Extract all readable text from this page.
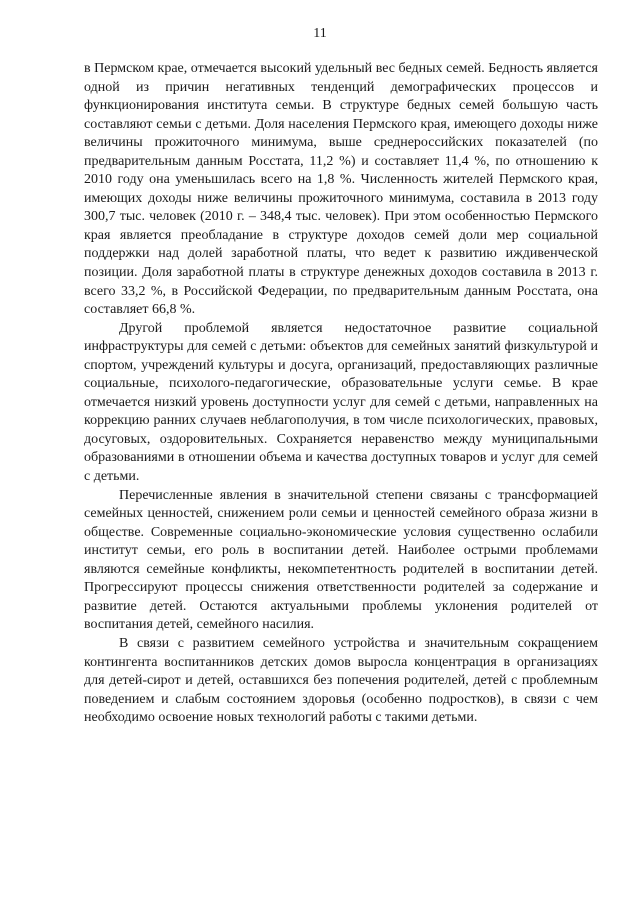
11

в Пермском крае, отмечается высокий удельный вес бедных семей. Бедность является одной из причин негативных тенденций демографических процессов и функционирования института семьи. В структуре бедных семей большую часть составляют семьи с детьми. Доля населения Пермского края, имеющего доходы ниже величины прожиточного минимума, выше среднероссийских показателей (по предварительным данным Росстата, 11,2 %) и составляет 11,4 %, по отношению к 2010 году она уменьшилась всего на 1,8 %. Численность жителей Пермского края, имеющих доходы ниже величины прожиточного минимума, составила в 2013 году 300,7 тыс. человек (2010 г. – 348,4 тыс. человек). При этом особенностью Пермского края является преобладание в структуре доходов семей доли мер социальной поддержки над долей заработной платы, что ведет к развитию иждивенческой позиции. Доля заработной платы в структуре денежных доходов составила в 2013 г. всего 33,2 %, в Российской Федерации, по предварительным данным Росстата, она составляет 66,8 %.

Другой проблемой является недостаточное развитие социальной инфраструктуры для семей с детьми: объектов для семейных занятий физкультурой и спортом, учреждений культуры и досуга, организаций, предоставляющих различные социальные, психолого-педагогические, образовательные услуги семье. В крае отмечается низкий уровень доступности услуг для семей с детьми, направленных на коррекцию ранних случаев неблагополучия, в том числе психологических, правовых, досуговых, оздоровительных. Сохраняется неравенство между муниципальными образованиями в отношении объема и качества доступных товаров и услуг для семей с детьми.

Перечисленные явления в значительной степени связаны с трансформацией семейных ценностей, снижением роли семьи и ценностей семейного образа жизни в обществе. Современные социально-экономические условия существенно ослабили институт семьи, его роль в воспитании детей. Наиболее острыми проблемами являются семейные конфликты, некомпетентность родителей в воспитании детей. Прогрессируют процессы снижения ответственности родителей за содержание и развитие детей. Остаются актуальными проблемы уклонения родителей от воспитания детей, семейного насилия.

В связи с развитием семейного устройства и значительным сокращением контингента воспитанников детских домов выросла концентрация в организациях для детей-сирот и детей, оставшихся без попечения родителей, детей с проблемным поведением и слабым состоянием здоровья (особенно подростков), в связи с чем необходимо освоение новых технологий работы с такими детьми.
